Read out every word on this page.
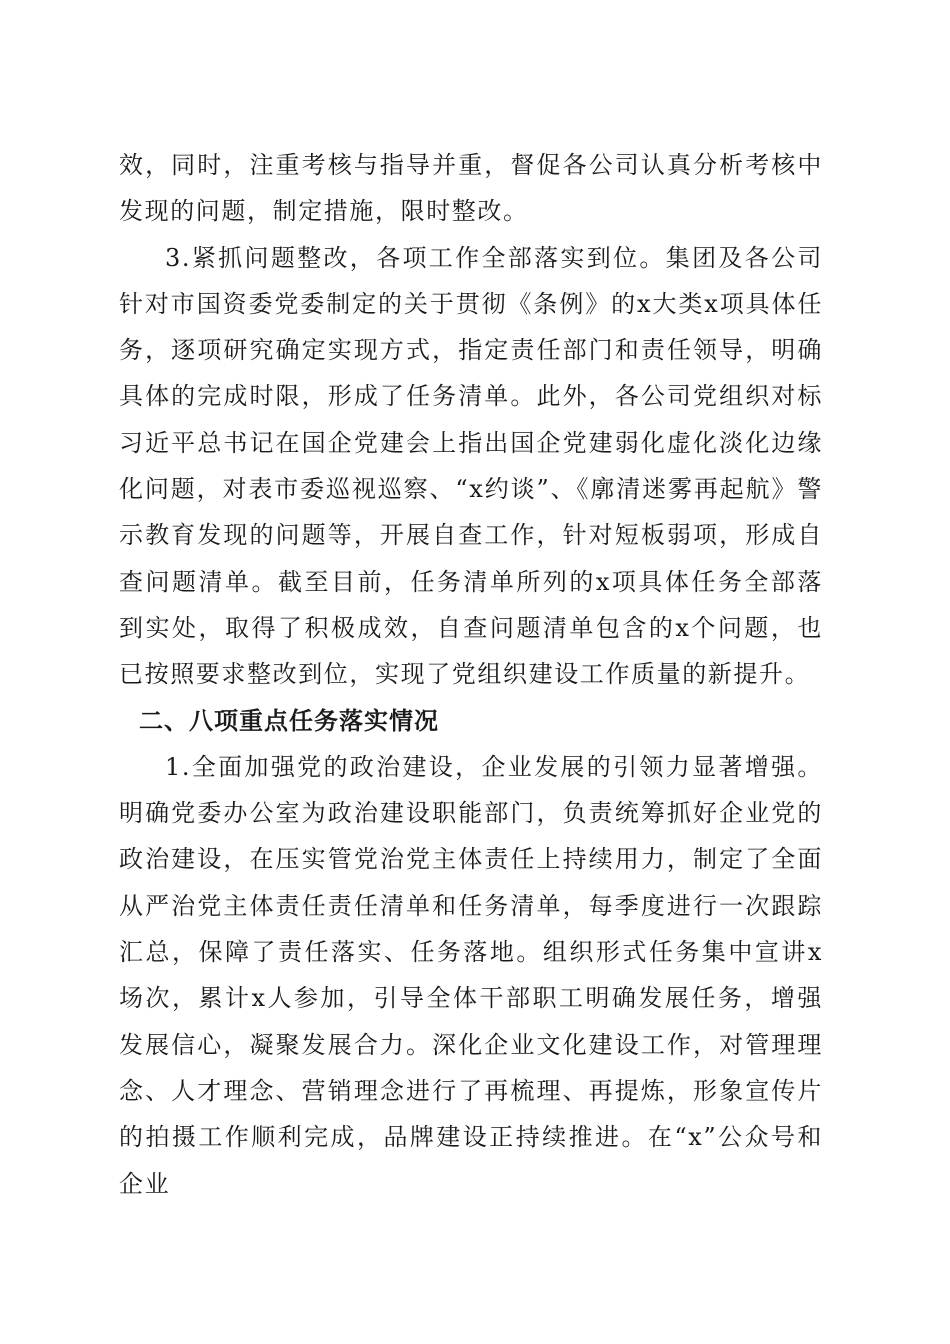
效，同时，注重考核与指导并重，督促各公司认真分析考核中发现的问题，制定措施，限时整改。

3.紧抓问题整改，各项工作全部落实到位。集团及各公司针对市国资委党委制定的关于贯彻《条例》的x大类x项具体任务，逐项研究确定实现方式，指定责任部门和责任领导，明确具体的完成时限，形成了任务清单。此外，各公司党组织对标习近平总书记在国企党建会上指出国企党建弱化虚化淡化边缘化问题，对表市委巡视巡察、“x约谈”、《廓清迷雾再起航》警示教育发现的问题等，开展自查工作，针对短板弱项，形成自查问题清单。截至目前，任务清单所列的x项具体任务全部落到实处，取得了积极成效，自查问题清单包含的x个问题，也已按照要求整改到位，实现了党组织建设工作质量的新提升。

二、八项重点任务落实情况

1.全面加强党的政治建设，企业发展的引领力显著增强。明确党委办公室为政治建设职能部门，负责统筹抓好企业党的政治建设，在压实管党治党主体责任上持续用力，制定了全面从严治党主体责任责任清单和任务清单，每季度进行一次跟踪汇总，保障了责任落实、任务落地。组织形式任务集中宣讲x场次，累计x人参加，引导全体干部职工明确发展任务，增强发展信心，凝聚发展合力。深化企业文化建设工作，对管理理念、人才理念、营销理念进行了再梳理、再提炼，形象宣传片的拍摄工作顺利完成，品牌建设正持续推进。在“x”公众号和企业
